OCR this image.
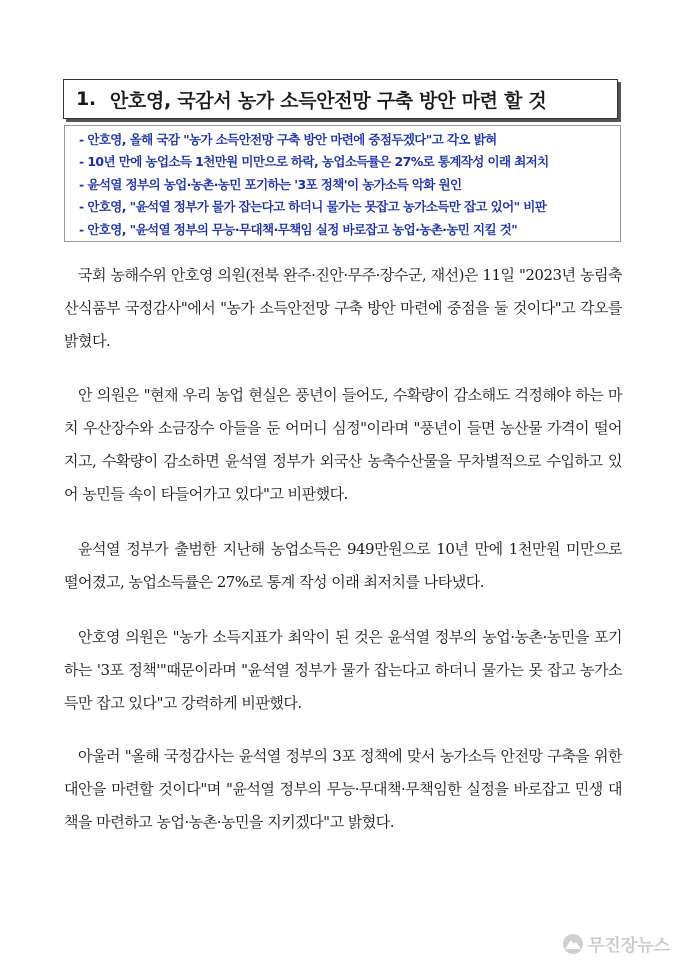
1. 안호영, 국감서 농가 소득안전망 구축 방안 마련 할 것
- 안호영, 올해 국감 "농가 소득안전망 구축 방안 마련에 중점두겠다"고 각오 밝혀
- 10년 만에 농업소득 1천만원 미만으로 하락, 농업소득률은 27%로 통계작성 이래 최저치
- 윤석열 정부의 농업·농촌·농민 포기하는 '3포 정책'이 농가소득 악화 원인
- 안호영, "윤석열 정부가 물가 잡는다고 하더니 물가는 못잡고 농가소득만 잡고 있어" 비판
- 안호영, "윤석열 정부의 무능·무대책·무책임 실정 바로잡고 농업·농촌·농민 지킬 것"

국회 농해수위 안호영 의원(전북 완주·진안·무주·장수군, 재선)은 11일 "2023년 농림축산식품부 국정감사"에서 "농가 소득안전망 구축 방안 마련에 중점을 둘 것이다"고 각오를 밝혔다.

안 의원은 "현재 우리 농업 현실은 풍년이 들어도, 수확량이 감소해도 걱정해야 하는 마치 우산장수와 소금장수 아들을 둔 어머니 심정"이라며 "풍년이 들면 농산물 가격이 떨어지고, 수확량이 감소하면 윤석열 정부가 외국산 농축수산물을 무차별적으로 수입하고 있어 농민들 속이 타들어가고 있다"고 비판했다.

윤석열 정부가 출범한 지난해 농업소득은 949만원으로 10년 만에 1천만원 미만으로 떨어졌고, 농업소득률은 27%로 통계 작성 이래 최저치를 나타냈다.

안호영 의원은 "농가 소득지표가 최악이 된 것은 윤석열 정부의 농업·농촌·농민을 포기하는 '3포 정책'"때문이라며 "윤석열 정부가 물가 잡는다고 하더니 물가는 못 잡고 농가소득만 잡고 있다"고 강력하게 비판했다.

아울러 "올해 국정감사는 윤석열 정부의 3포 정책에 맞서 농가소득 안전망 구축을 위한 대안을 마련할 것이다"며 "윤석열 정부의 무능·무대책·무책임한 실정을 바로잡고 민생 대책을 마련하고 농업·농촌·농민을 지키겠다"고 밝혔다.

무진장뉴스
